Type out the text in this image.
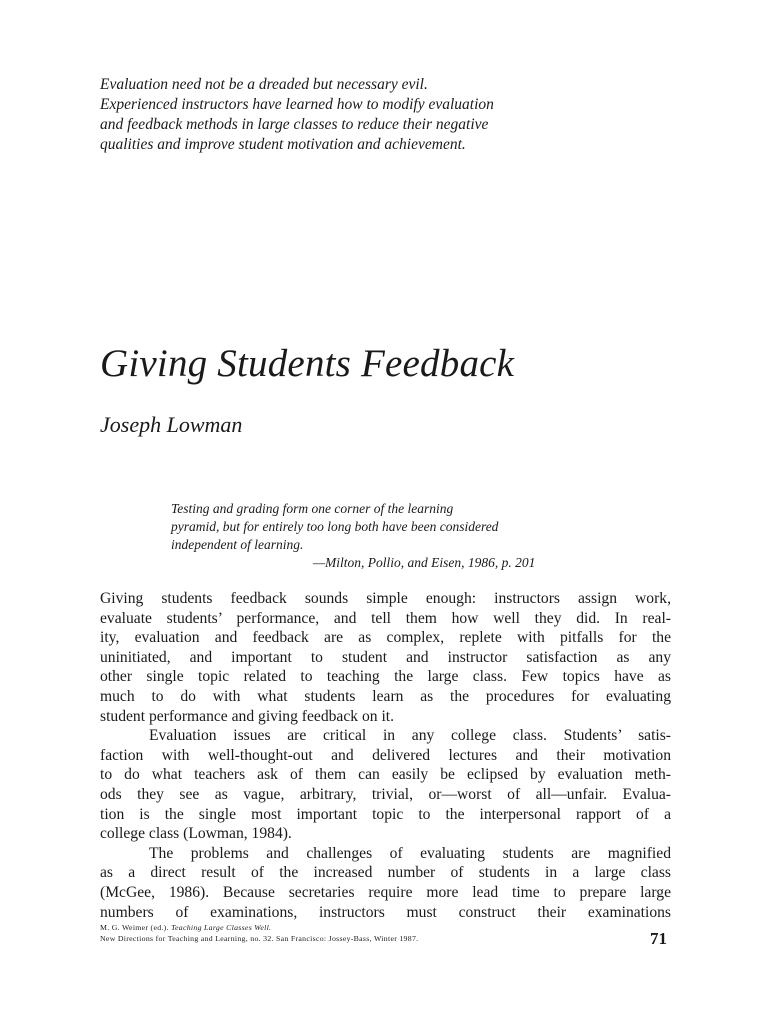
Evaluation need not be a dreaded but necessary evil.
Experienced instructors have learned how to modify evaluation
and feedback methods in large classes to reduce their negative
qualities and improve student motivation and achievement.
Giving Students Feedback
Joseph Lowman
Testing and grading form one corner of the learning
pyramid, but for entirely too long both have been considered
independent of learning.
—Milton, Pollio, and Eisen, 1986, p. 201
Giving students feedback sounds simple enough: instructors assign work,
evaluate students’ performance, and tell them how well they did. In real-
ity, evaluation and feedback are as complex, replete with pitfalls for the
uninitiated, and important to student and instructor satisfaction as any
other single topic related to teaching the large class. Few topics have as
much to do with what students learn as the procedures for evaluating
student performance and giving feedback on it.
Evaluation issues are critical in any college class. Students’ satis-
faction with well-thought-out and delivered lectures and their motivation
to do what teachers ask of them can easily be eclipsed by evaluation meth-
ods they see as vague, arbitrary, trivial, or—worst of all—unfair. Evalua-
tion is the single most important topic to the interpersonal rapport of a
college class (Lowman, 1984).
The problems and challenges of evaluating students are magnified
as a direct result of the increased number of students in a large class
(McGee, 1986). Because secretaries require more lead time to prepare large
numbers of examinations, instructors must construct their examinations
M. G. Weimer (ed.). Teaching Large Classes Well.
New Directions for Teaching and Learning, no. 32. San Francisco: Jossey-Bass, Winter 1987.	71
